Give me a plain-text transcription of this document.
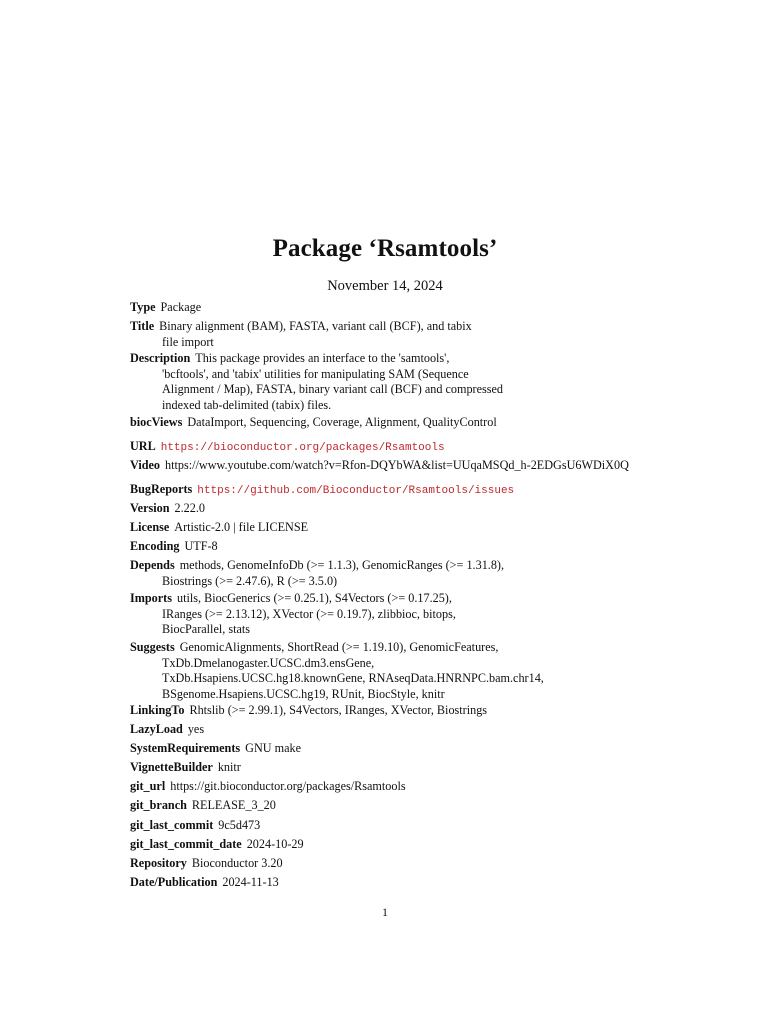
Package ‘Rsamtools’
November 14, 2024
Type Package
Title Binary alignment (BAM), FASTA, variant call (BCF), and tabix
file import
Description This package provides an interface to the 'samtools',
'bcftools', and 'tabix' utilities for manipulating SAM (Sequence
Alignment / Map), FASTA, binary variant call (BCF) and compressed
indexed tab-delimited (tabix) files.
biocViews DataImport, Sequencing, Coverage, Alignment, QualityControl
URL https://bioconductor.org/packages/Rsamtools
Video https://www.youtube.com/watch?v=Rfon-DQYbWA&list=UUqaMSQd_h-2EDGsU6WDiX0Q
BugReports https://github.com/Bioconductor/Rsamtools/issues
Version 2.22.0
License Artistic-2.0 | file LICENSE
Encoding UTF-8
Depends methods, GenomeInfoDb (>= 1.1.3), GenomicRanges (>= 1.31.8),
Biostrings (>= 2.47.6), R (>= 3.5.0)
Imports utils, BiocGenerics (>= 0.25.1), S4Vectors (>= 0.17.25),
IRanges (>= 2.13.12), XVector (>= 0.19.7), zlibbioc, bitops,
BiocParallel, stats
Suggests GenomicAlignments, ShortRead (>= 1.19.10), GenomicFeatures,
TxDb.Dmelanogaster.UCSC.dm3.ensGene,
TxDb.Hsapiens.UCSC.hg18.knownGene, RNAseqData.HNRNPC.bam.chr14,
BSgenome.Hsapiens.UCSC.hg19, RUnit, BiocStyle, knitr
LinkingTo Rhtslib (>= 2.99.1), S4Vectors, IRanges, XVector, Biostrings
LazyLoad yes
SystemRequirements GNU make
VignetteBuilder knitr
git_url https://git.bioconductor.org/packages/Rsamtools
git_branch RELEASE_3_20
git_last_commit 9c5d473
git_last_commit_date 2024-10-29
Repository Bioconductor 3.20
Date/Publication 2024-11-13
1
